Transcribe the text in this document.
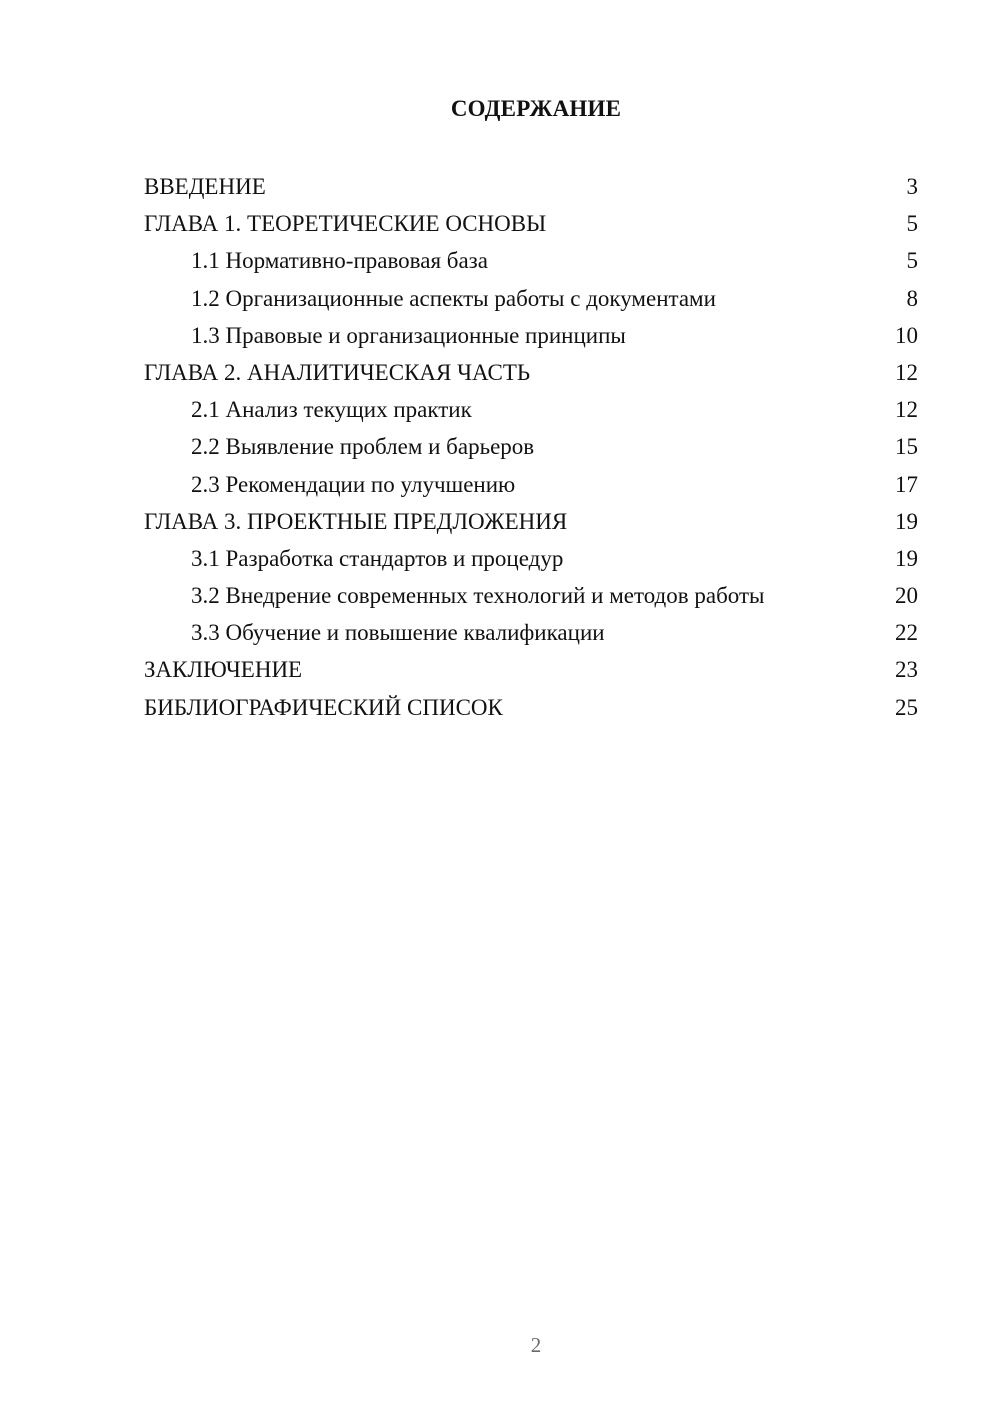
СОДЕРЖАНИЕ
ВВЕДЕНИЕ	3
ГЛАВА 1. ТЕОРЕТИЧЕСКИЕ ОСНОВЫ	5
1.1 Нормативно-правовая база	5
1.2 Организационные аспекты работы с документами	8
1.3 Правовые и организационные принципы	10
ГЛАВА 2. АНАЛИТИЧЕСКАЯ ЧАСТЬ	12
2.1 Анализ текущих практик	12
2.2 Выявление проблем и барьеров	15
2.3 Рекомендации по улучшению	17
ГЛАВА 3. ПРОЕКТНЫЕ ПРЕДЛОЖЕНИЯ	19
3.1 Разработка стандартов и процедур	19
3.2 Внедрение современных технологий и методов работы	20
3.3 Обучение и повышение квалификации	22
ЗАКЛЮЧЕНИЕ	23
БИБЛИОГРАФИЧЕСКИЙ СПИСОК	25
2
